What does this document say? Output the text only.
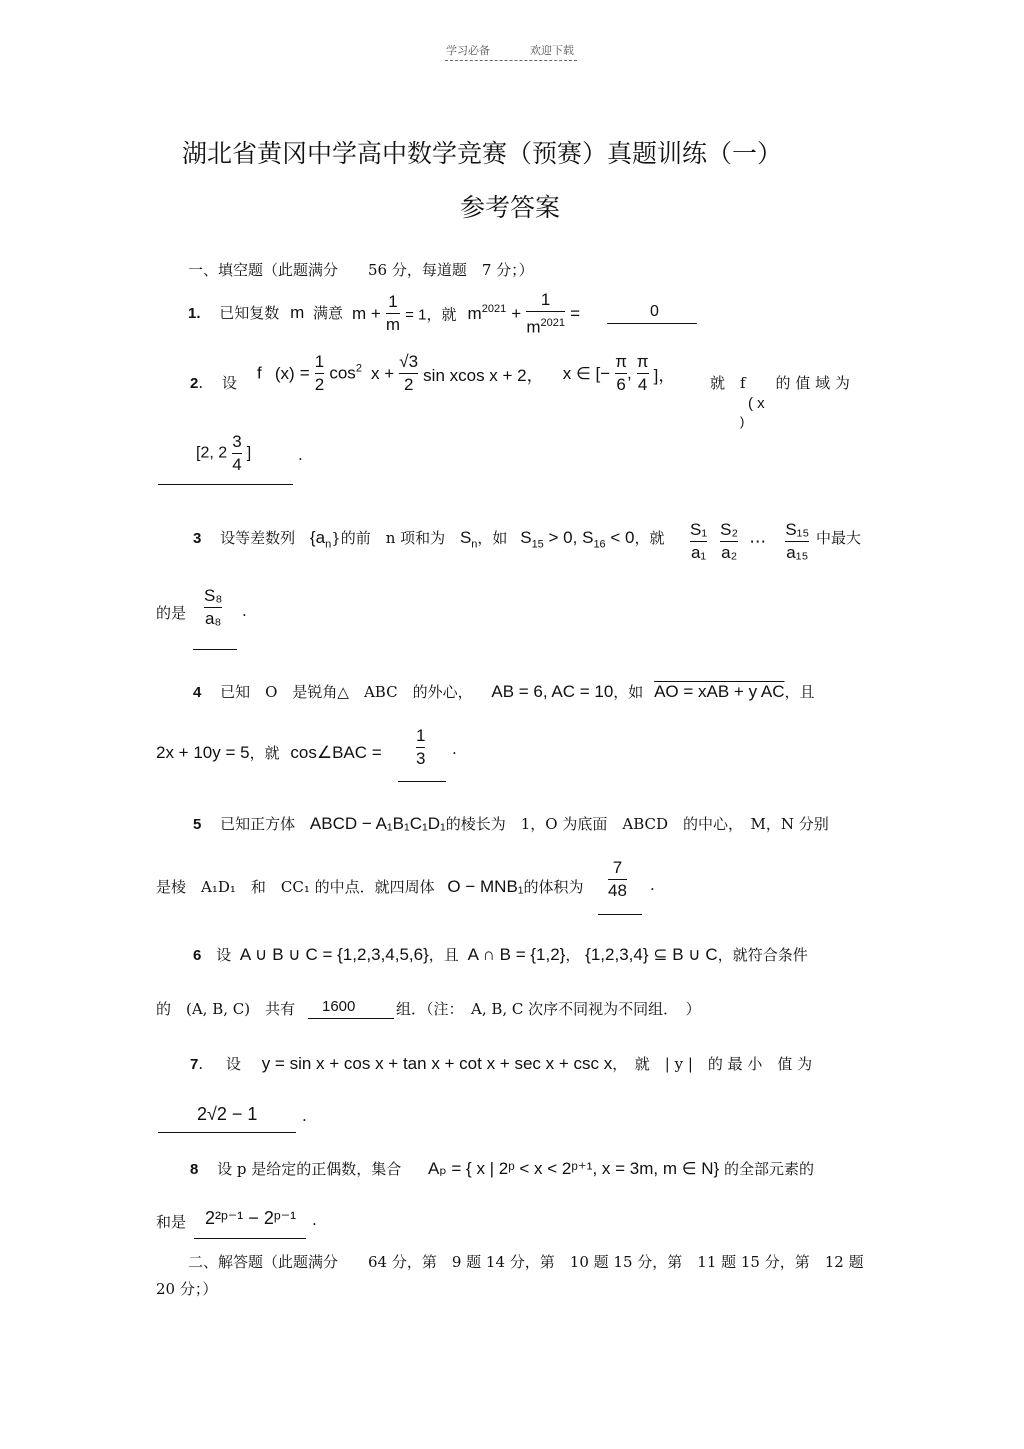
学习必备	欢迎下载
湖北省黄冈中学高中数学竞赛（预赛）真题训练（一）
参考答案
一、填空题（此题满分　　56 分，每道题　7 分；）
1. 已知复数 m 满意 $m + \frac{1}{m} = 1$，就 $m^{2021} + \frac{1}{m^{2021}}$ =	0
2. 设
f $(x) = \frac{1}{2} \cos^2 x + \frac{√3}{2}$ sin xcos x + 2， x ∈ [− $\frac{\pi}{6}$ , $\frac{\pi}{4}$ ]， 就　f　　的 值 域 为
( x
)
[2, $2 \frac{3}{4}$ ]	.
3 设等差数列 $\{a_n\}$的前　n 项和为 $S_n$，如 $S_{15} > 0$, $S_{16} < 0$，就 $\frac{\text{S₁}}{\text{a₁}}$
$\frac{\text{S₂}}{\text{a₂}}$ ⋯ $\frac{\text{S₁₅}}{\text{a₁₅}}$ 中最大
的是 $\frac{\text{S₈}}{\text{a₈}}$ .
4 已知　O　是锐角△　ABC　的外心， AB = 6, AC = 10，如 AO = xAB + y AC，且
2x + 10y = 5，就 cos∠BAC = $\frac{1}{3}$ .
5 已知正方体 ABCD − A₁B₁C₁D₁的棱长为　1，O 为底面　ABCD　的中心，　M，N 分别
是棱　A₁D₁　和　CC₁ 的中点．就四周体 O − MNB₁的体积为 $\frac{7}{48}$ .
6 设 A ∪ B ∪ C = {1,2,3,4,5,6}，且 A ∩ B = {1,2}， {1,2,3,4} ⊆ B ∪ C，就符合条件
的　(A, B, C)　共有 1600	组．（注：　A, B, C 次序不同视为不同组．　）
7. 设 y = sin x + cos x + tan x + cot x + sec x + csc x，　就　| y |　的 最 小　值 为
2√2 − 1	.
8 设 p 是给定的正偶数，集合 Aₚ = { x | 2ᵖ < x < 2ᵖ⁺¹, x = 3m, m ∈ N} 的全部元素的
和是 2²ᵖ⁻¹ − 2ᵖ⁻¹ .
二、解答题（此题满分　　64 分，第　9 题 14 分，第　10 题 15 分，第　11 题 15 分，第　12 题
20 分；）
